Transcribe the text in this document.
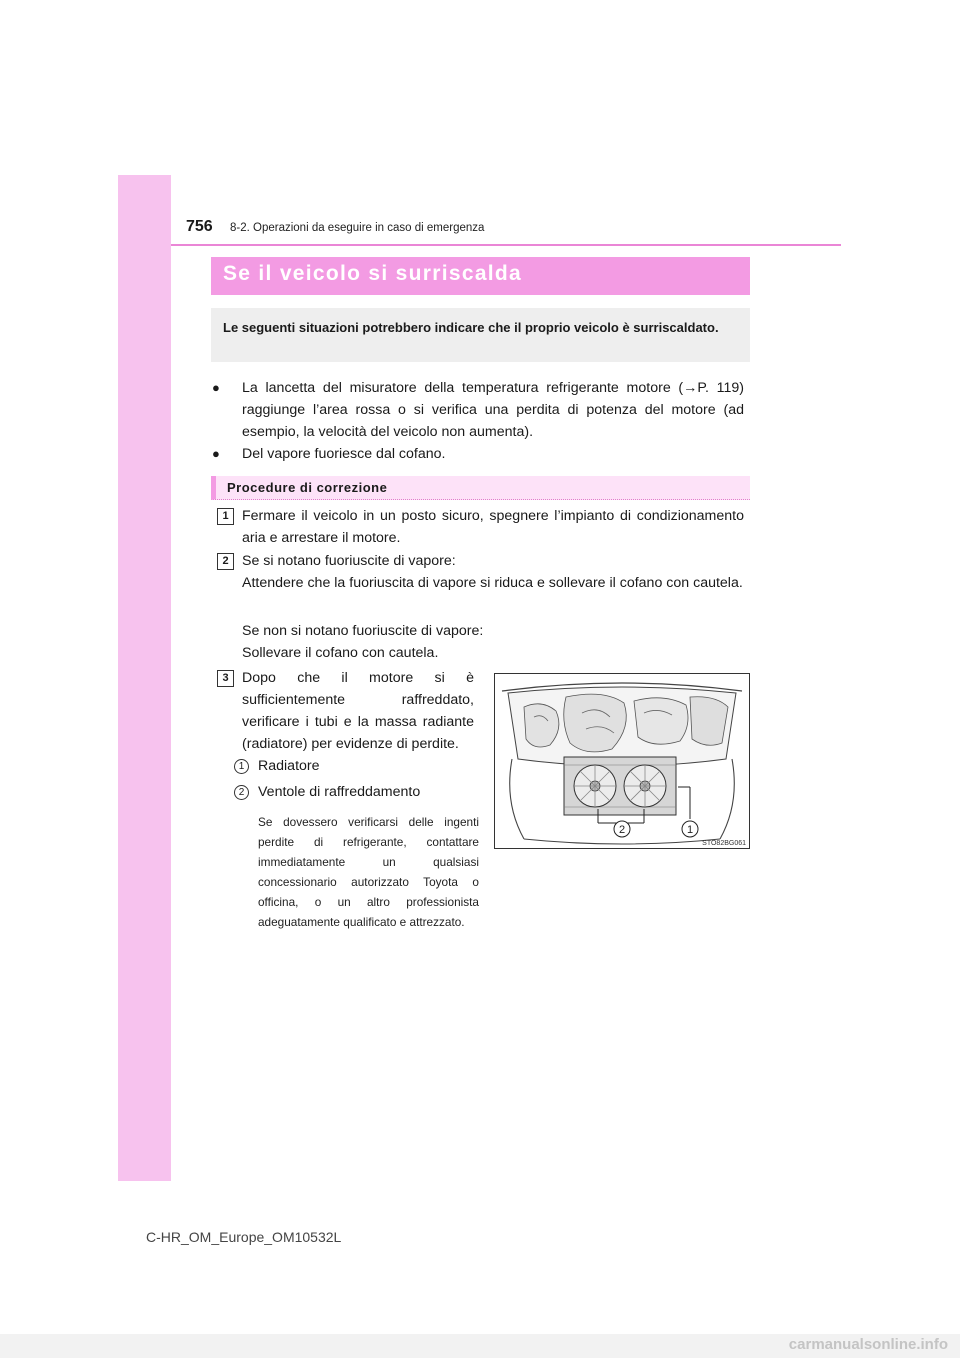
756 8-2. Operazioni da eseguire in caso di emergenza
Se il veicolo si surriscalda
Le seguenti situazioni potrebbero indicare che il proprio veicolo è surriscaldato.
● La lancetta del misuratore della temperatura refrigerante motore (→P. 119) raggiunge l’area rossa o si verifica una perdita di potenza del motore (ad esempio, la velocità del veicolo non aumenta).
● Del vapore fuoriesce dal cofano.
Procedure di correzione
1 Fermare il veicolo in un posto sicuro, spegnere l’impianto di condizionamento aria e arrestare il motore.
2 Se si notano fuoriuscite di vapore:
Attendere che la fuoriuscita di vapore si riduca e sollevare il cofano con cautela.
Se non si notano fuoriuscite di vapore:
Sollevare il cofano con cautela.
3 Dopo che il motore si è sufficientemente raffreddato, verificare i tubi e la massa radiante (radiatore) per evidenze di perdite.
1 Radiatore
2 Ventole di raffreddamento
Se dovessero verificarsi delle ingenti perdite di refrigerante, contattare immediatamente un qualsiasi concessionario autorizzato Toyota o officina, o un altro professionista adeguatamente qualificato e attrezzato.
2	1
STO82BG061
C-HR_OM_Europe_OM10532L
carmanualsonline.info
